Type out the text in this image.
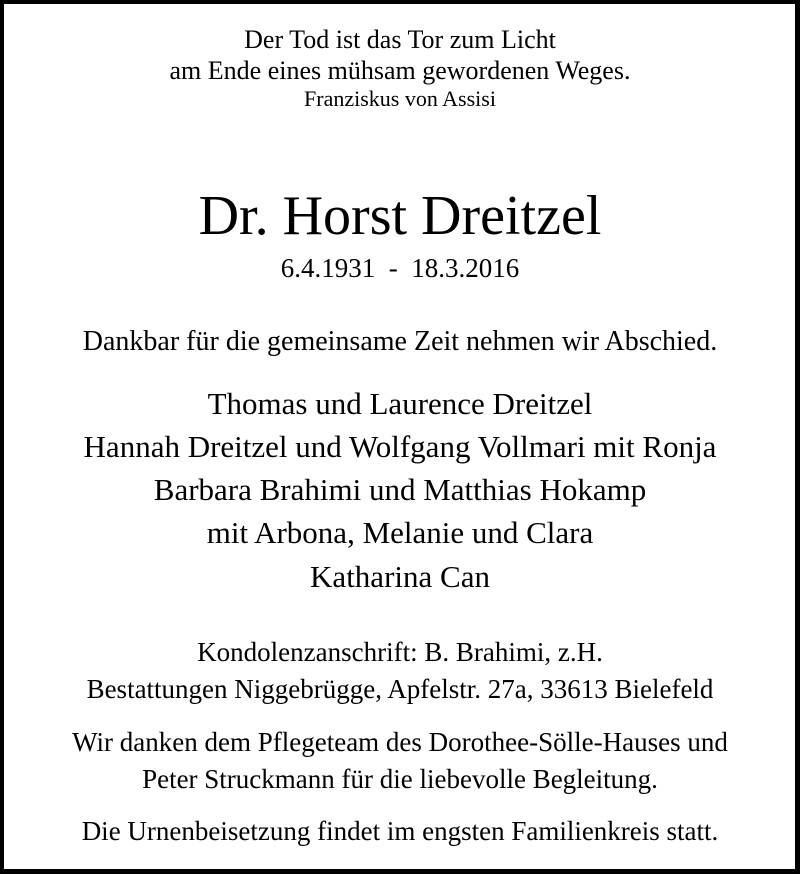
Der Tod ist das Tor zum Licht
am Ende eines mühsam gewordenen Weges.
Franziskus von Assisi
Dr. Horst Dreitzel
6.4.1931  -  18.3.2016
Dankbar für die gemeinsame Zeit nehmen wir Abschied.
Thomas und Laurence Dreitzel
Hannah Dreitzel und Wolfgang Vollmari mit Ronja
Barbara Brahimi und Matthias Hokamp
mit Arbona, Melanie und Clara
Katharina Can
Kondolenzanschrift: B. Brahimi, z.H.
Bestattungen Niggebrügge, Apfelstr. 27a, 33613 Bielefeld
Wir danken dem Pflegeteam des Dorothee-Sölle-Hauses und
Peter Struckmann für die liebevolle Begleitung.
Die Urnenbeisetzung findet im engsten Familienkreis statt.
